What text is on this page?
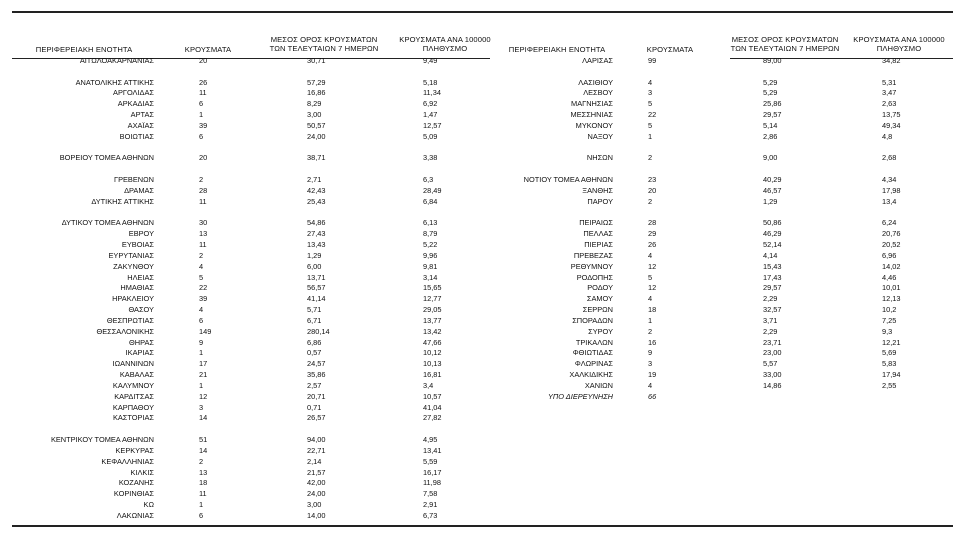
ΠΕΡΙΦΕΡΕΙΑΚΗ ΕΝΟΤΗΤΑ	ΚΡΟΥΣΜΑΤΑ
ΜΕΣΟΣ ΟΡΟΣ ΚΡΟΥΣΜΑΤΩΝ
ΤΩΝ ΤΕΛΕΥΤΑΙΩΝ 7 ΗΜΕΡΩΝ
ΚΡΟΥΣΜΑΤΑ ΑΝΑ 100000
ΠΛΗΘΥΣΜΟ	ΠΕΡΙΦΕΡΕΙΑΚΗ ΕΝΟΤΗΤΑ	ΚΡΟΥΣΜΑΤΑ
ΜΕΣΟΣ ΟΡΟΣ ΚΡΟΥΣΜΑΤΩΝ
ΤΩΝ ΤΕΛΕΥΤΑΙΩΝ 7 ΗΜΕΡΩΝ
ΚΡΟΥΣΜΑΤΑ ΑΝΑ 100000
ΠΛΗΘΥΣΜΟ
ΑΙΤΩΛΟΑΚΑΡΝΑΝΙΑΣ	20	30,71	9,49
ΑΝΑΤΟΛΙΚΗΣ ΑΤΤΙΚΗΣ	26	57,29	5,18
ΑΡΓΟΛΙΔΑΣ	11	16,86	11,34
ΑΡΚΑΔΙΑΣ	6	8,29	6,92
ΑΡΤΑΣ	1	3,00	1,47
ΑΧΑΪΑΣ	39	50,57	12,57
ΒΟΙΩΤΙΑΣ	6	24,00	5,09
ΒΟΡΕΙΟΥ ΤΟΜΕΑ ΑΘΗΝΩΝ	20	38,71	3,38
ΓΡΕΒΕΝΩΝ	2	2,71	6,3
ΔΡΑΜΑΣ	28	42,43	28,49
ΔΥΤΙΚΗΣ ΑΤΤΙΚΗΣ	11	25,43	6,84
ΔΥΤΙΚΟΥ ΤΟΜΕΑ ΑΘΗΝΩΝ	30	54,86	6,13
ΕΒΡΟΥ	13	27,43	8,79
ΕΥΒΟΙΑΣ	11	13,43	5,22
ΕΥΡΥΤΑΝΙΑΣ	2	1,29	9,96
ΖΑΚΥΝΘΟΥ	4	6,00	9,81
ΗΛΕΙΑΣ	5	13,71	3,14
ΗΜΑΘΙΑΣ	22	56,57	15,65
ΗΡΑΚΛΕΙΟΥ	39	41,14	12,77
ΘΑΣΟΥ	4	5,71	29,05
ΘΕΣΠΡΩΤΙΑΣ	6	6,71	13,77
ΘΕΣΣΑΛΟΝΙΚΗΣ	149	280,14	13,42
ΘΗΡΑΣ	9	6,86	47,66
ΙΚΑΡΙΑΣ	1	0,57	10,12
ΙΩΑΝΝΙΝΩΝ	17	24,57	10,13
ΚΑΒΑΛΑΣ	21	35,86	16,81
ΚΑΛΥΜΝΟΥ	1	2,57	3,4
ΚΑΡΔΙΤΣΑΣ	12	20,71	10,57
ΚΑΡΠΑΘΟΥ	3	0,71	41,04
ΚΑΣΤΟΡΙΑΣ	14	26,57	27,82
ΚΕΝΤΡΙΚΟΥ ΤΟΜΕΑ ΑΘΗΝΩΝ	51	94,00	4,95
ΚΕΡΚΥΡΑΣ	14	22,71	13,41
ΚΕΦΑΛΛΗΝΙΑΣ	2	2,14	5,59
ΚΙΛΚΙΣ	13	21,57	16,17
ΚΟΖΑΝΗΣ	18	42,00	11,98
ΚΟΡΙΝΘΙΑΣ	11	24,00	7,58
ΚΩ	1	3,00	2,91
ΛΑΚΩΝΙΑΣ	6	14,00	6,73
ΛΑΡΙΣΑΣ	99	89,00	34,82
ΛΑΣΙΘΙΟΥ	4	5,29	5,31
ΛΕΣΒΟΥ	3	5,29	3,47
ΜΑΓΝΗΣΙΑΣ	5	25,86	2,63
ΜΕΣΣΗΝΙΑΣ	22	29,57	13,75
ΜΥΚΟΝΟΥ	5	5,14	49,34
ΝΑΞΟΥ	1	2,86	4,8
ΝΗΣΩΝ	2	9,00	2,68
ΝΟΤΙΟΥ ΤΟΜΕΑ ΑΘΗΝΩΝ	23	40,29	4,34
ΞΑΝΘΗΣ	20	46,57	17,98
ΠΑΡΟΥ	2	1,29	13,4
ΠΕΙΡΑΙΩΣ	28	50,86	6,24
ΠΕΛΛΑΣ	29	46,29	20,76
ΠΙΕΡΙΑΣ	26	52,14	20,52
ΠΡΕΒΕΖΑΣ	4	4,14	6,96
ΡΕΘΥΜΝΟΥ	12	15,43	14,02
ΡΟΔΟΠΗΣ	5	17,43	4,46
ΡΟΔΟΥ	12	29,57	10,01
ΣΑΜΟΥ	4	2,29	12,13
ΣΕΡΡΩΝ	18	32,57	10,2
ΣΠΟΡΑΔΩΝ	1	3,71	7,25
ΣΥΡΟΥ	2	2,29	9,3
ΤΡΙΚΑΛΩΝ	16	23,71	12,21
ΦΘΙΩΤΙΔΑΣ	9	23,00	5,69
ΦΛΩΡΙΝΑΣ	3	5,57	5,83
ΧΑΛΚΙΔΙΚΗΣ	19	33,00	17,94
ΧΑΝΙΩΝ	4	14,86	2,55
ΥΠΟ ΔΙΕΡΕΥΝΗΣΗ	66
